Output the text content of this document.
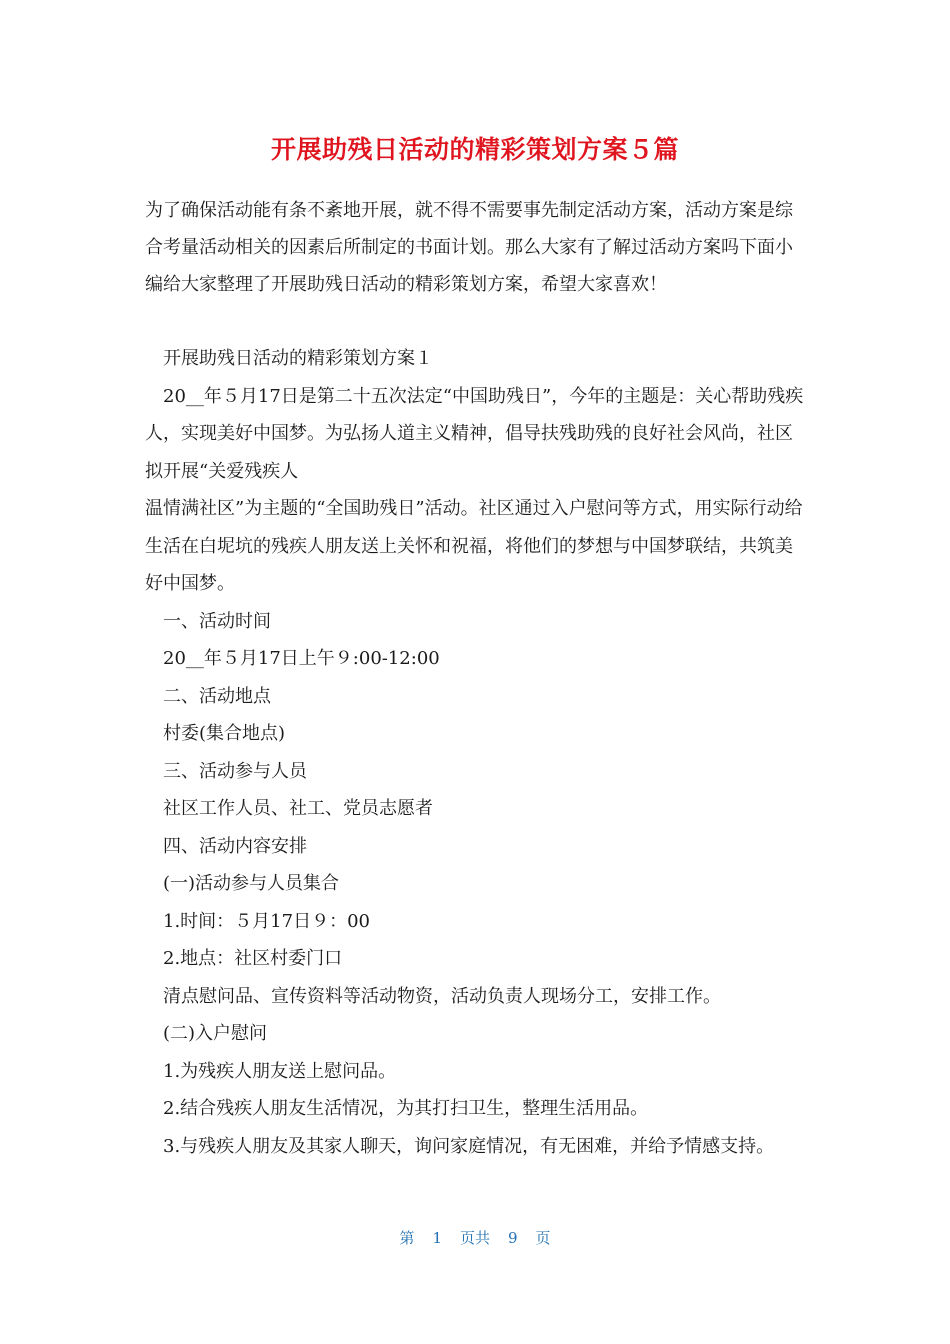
开展助残日活动的精彩策划方案５篇

为了确保活动能有条不紊地开展，就不得不需要事先制定活动方案，活动方案是综合考量活动相关的因素后所制定的书面计划。那么大家有了解过活动方案吗下面小编给大家整理了开展助残日活动的精彩策划方案，希望大家喜欢！

开展助残日活动的精彩策划方案１

20__年５月17日是第二十五次法定“中国助残日”，今年的主题是：关心帮助残疾人，实现美好中国梦。为弘扬人道主义精神，倡导扶残助残的良好社会风尚，社区拟开展“关爱残疾人

温情满社区”为主题的“全国助残日”活动。社区通过入户慰问等方式，用实际行动给生活在白坭坑的残疾人朋友送上关怀和祝福，将他们的梦想与中国梦联结，共筑美好中国梦。

一、活动时间

20__年５月17日上午９:00-12:00

二、活动地点

村委(集合地点)

三、活动参与人员

社区工作人员、社工、党员志愿者

四、活动内容安排

(一)活动参与人员集合

1.时间：５月17日９：00

2.地点：社区村委门口

清点慰问品、宣传资料等活动物资，活动负责人现场分工，安排工作。

(二)入户慰问

1.为残疾人朋友送上慰问品。

2.结合残疾人朋友生活情况，为其打扫卫生，整理生活用品。

3.与残疾人朋友及其家人聊天，询问家庭情况，有无困难，并给予情感支持。

第 1 页共 9 页
